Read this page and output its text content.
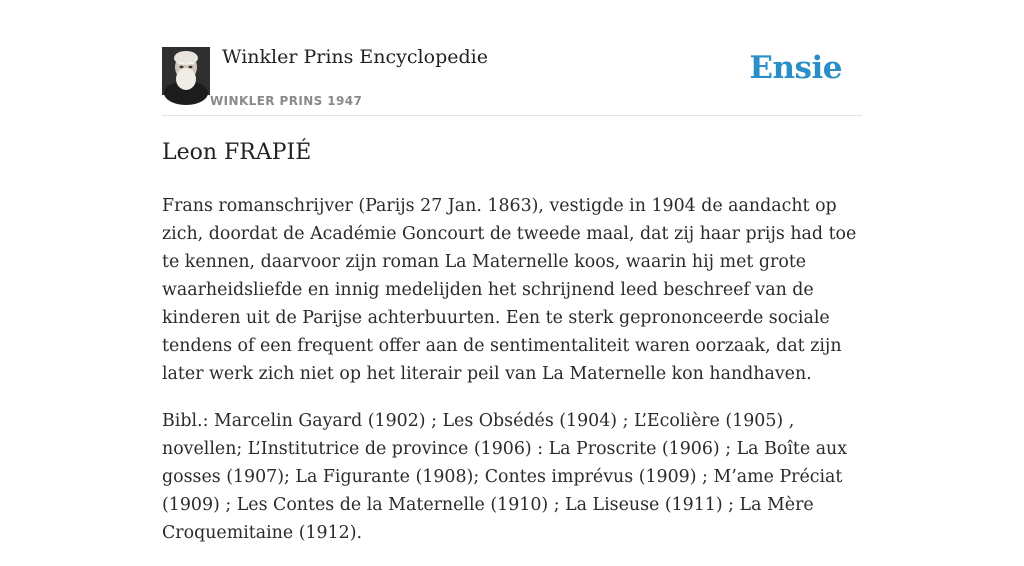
Winkler Prins Encyclopedie
WINKLER PRINS 1947
Ensie
Leon FRAPIÉ

Frans romanschrijver (Parijs 27 Jan. 1863), vestigde in 1904 de aandacht op zich, doordat de Académie Goncourt de tweede maal, dat zij haar prijs had toe te kennen, daarvoor zijn roman La Maternelle koos, waarin hij met grote waarheidsliefde en innig medelijden het schrijnend leed beschreef van de kinderen uit de Parijse achterbuurten. Een te sterk geprononceerde sociale tendens of een frequent offer aan de sentimentaliteit waren oorzaak, dat zijn later werk zich niet op het literair peil van La Maternelle kon handhaven.

Bibl.: Marcelin Gayard (1902) ; Les Obsédés (1904) ; L’Ecolière (1905) , novellen; L’Institutrice de province (1906) : La Proscrite (1906) ; La Boîte aux gosses (1907); La Figurante (1908); Contes imprévus (1909) ; M’ame Préciat (1909) ; Les Contes de la Maternelle (1910) ; La Liseuse (1911) ; La Mère Croquemitaine (1912).
